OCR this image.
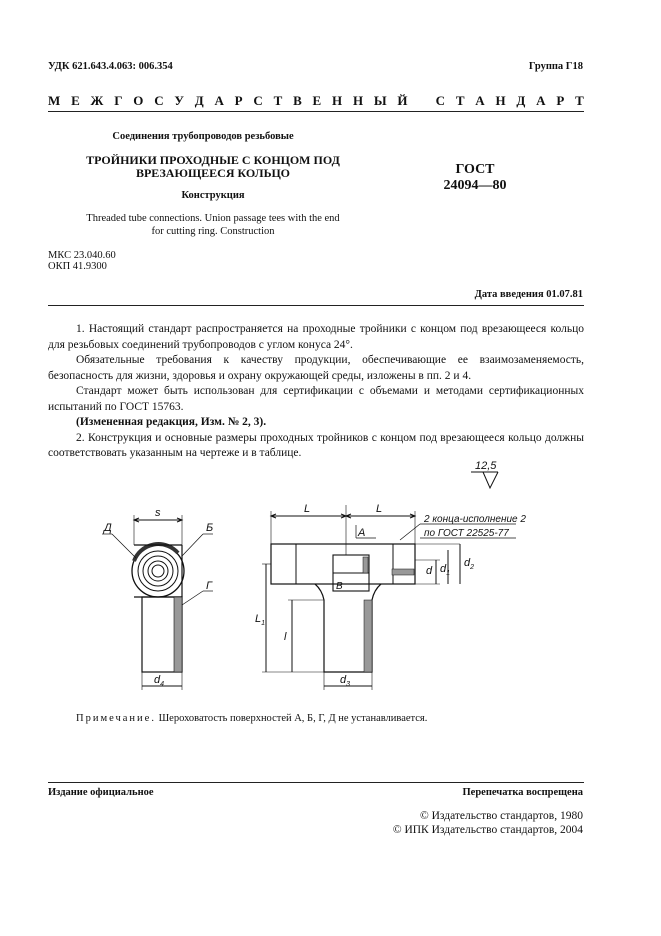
УДК 621.643.4.063: 006.354	Группа Г18
М Е Ж Г О С У Д А Р С Т В Е Н Н Ы Й
С Т А Н Д А Р Т
Соединения трубопроводов резьбовые
ТРОЙНИКИ ПРОХОДНЫЕ С КОНЦОМ ПОД
ВРЕЗАЮЩЕЕСЯ КОЛЬЦО
Конструкция
ГОСТ
24094—80
Threaded tube connections. Union passage tees with the end
for cutting ring. Construction
МКС 23.040.60
ОКП 41.9300
Дата введения 01.07.81

1. Настоящий стандарт распространяется на проходные тройники с концом под врезающееся кольцо для резьбовых соединений трубопроводов с углом конуса 24°.

Обязательные требования к качеству продукции, обеспечивающие ее взаимозаменяемость, безопасность для жизни, здоровья и охрану окружающей среды, изложены в пп. 2 и 4.

Стандарт может быть использован для сертификации с объемами и методами сертификационных испытаний по ГОСТ 15763.

(Измененная редакция, Изм. № 2, 3).

2. Конструкция и основные размеры проходных тройников с концом под врезающееся кольцо должны соответствовать указанным на чертеже и в таблице.

12,5
s
Д	Б
Г
$d_4$
L	L
А
В
d $d_1$
$d_2$
l
$L_1$
$d_3$
2 конца-исполнение 2
по ГОСТ 22525-77
Примечание. Шероховатость поверхностей А, Б, Г, Д не устанавливается.
Издание официальное	Перепечатка воспрещена
© Издательство стандартов, 1980
© ИПК Издательство стандартов, 2004
